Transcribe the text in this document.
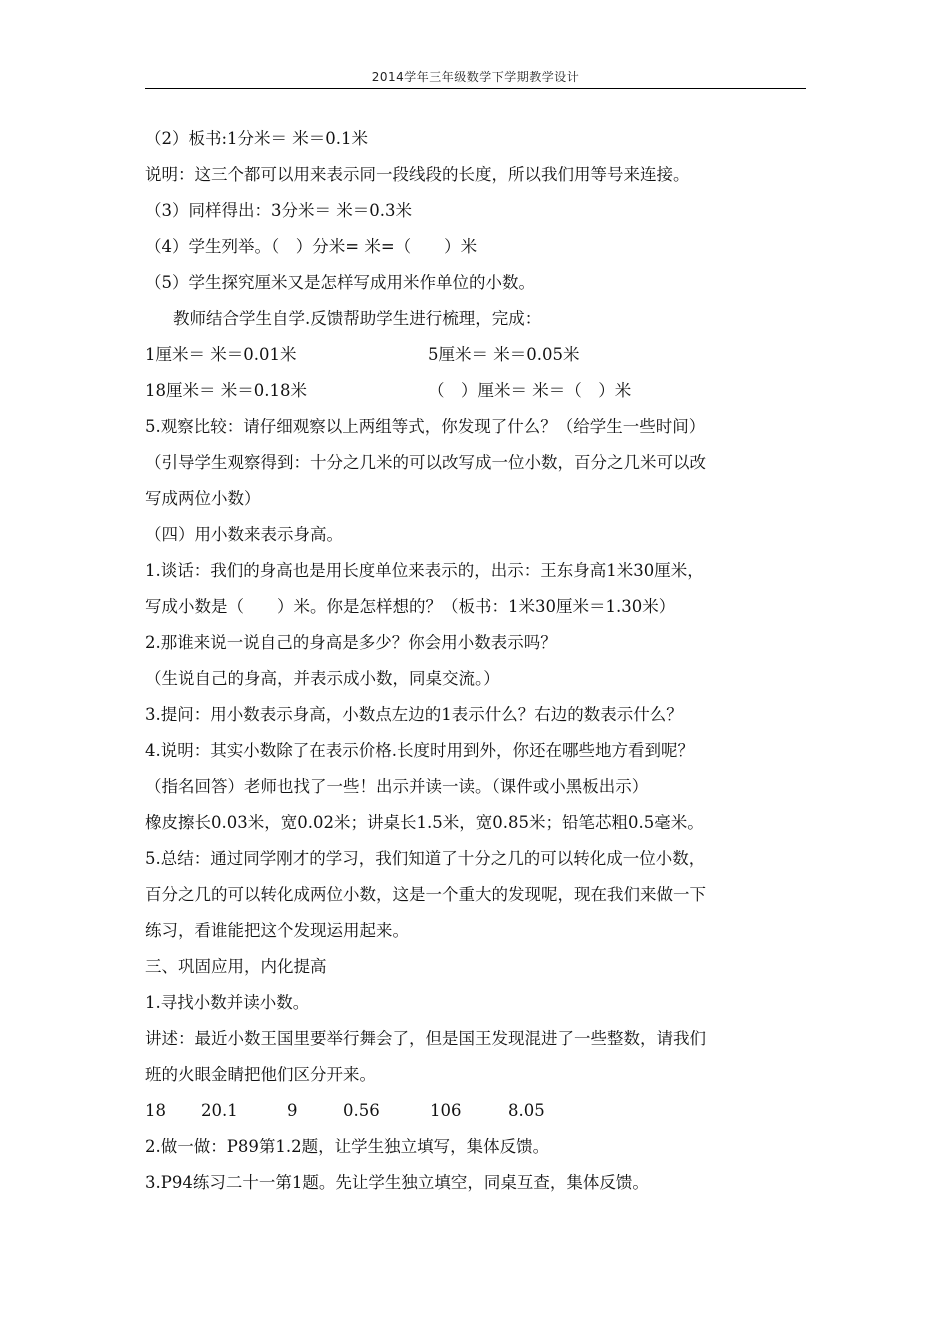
2014学年三年级数学下学期教学设计
（2）板书:1分米＝ 米＝0.1米
说明：这三个都可以用来表示同一段线段的长度，所以我们用等号来连接。
（3）同样得出：3分米＝ 米＝0.3米
（4）学生列举。（　）分米= 米=（　　）米
（5）学生探究厘米又是怎样写成用米作单位的小数。
教师结合学生自学.反馈帮助学生进行梳理，完成：
1厘米＝ 米＝0.01米	5厘米＝ 米＝0.05米
18厘米＝ 米＝0.18米	（　）厘米＝ 米＝（　）米
5.观察比较：请仔细观察以上两组等式，你发现了什么？（给学生一些时间）
（引导学生观察得到：十分之几米的可以改写成一位小数，百分之几米可以改
写成两位小数）
（四）用小数来表示身高。
1.谈话：我们的身高也是用长度单位来表示的，出示：王东身高1米30厘米，
写成小数是（　　）米。你是怎样想的？（板书：1米30厘米＝1.30米）
2.那谁来说一说自己的身高是多少？你会用小数表示吗？
（生说自己的身高，并表示成小数，同桌交流。）
3.提问：用小数表示身高，小数点左边的1表示什么？右边的数表示什么？
4.说明：其实小数除了在表示价格.长度时用到外，你还在哪些地方看到呢？
（指名回答）老师也找了一些！出示并读一读。（课件或小黑板出示）
橡皮擦长0.03米，宽0.02米；讲桌长1.5米，宽0.85米；铅笔芯粗0.5毫米。
5.总结：通过同学刚才的学习，我们知道了十分之几的可以转化成一位小数，
百分之几的可以转化成两位小数，这是一个重大的发现呢，现在我们来做一下
练习，看谁能把这个发现运用起来。
三、巩固应用，内化提高
1.寻找小数并读小数。
讲述：最近小数王国里要举行舞会了，但是国王发现混进了一些整数，请我们
班的火眼金睛把他们区分开来。
18 20.1	9	0.56	106	8.05
2.做一做：P89第1.2题，让学生独立填写，集体反馈。
3.P94练习二十一第1题。先让学生独立填空，同桌互查，集体反馈。
